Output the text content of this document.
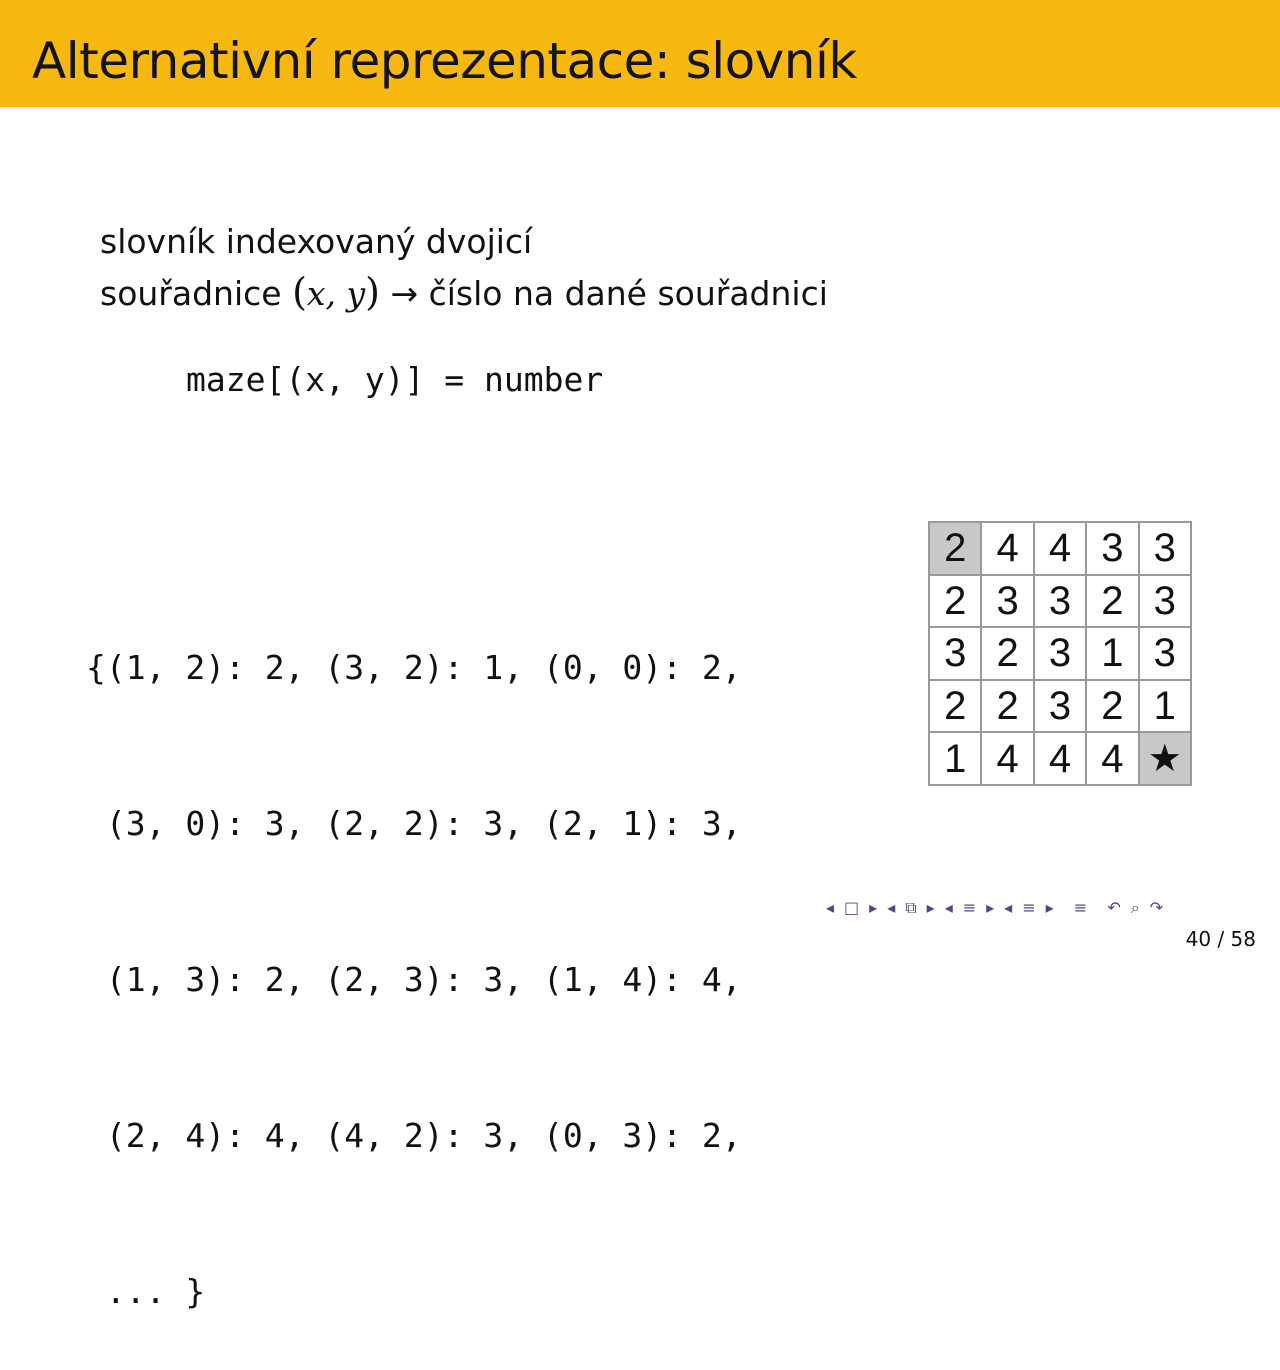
Alternativní reprezentace: slovník
slovník indexovaný dvojicí
souřadnice (x, y) → číslo na dané souřadnici
maze[(x, y)] = number

{(1, 2): 2, (3, 2): 1, (0, 0): 2,

(3, 0): 3, (2, 2): 3, (2, 1): 3,

(1, 3): 2, (2, 3): 3, (1, 4): 4,

(2, 4): 4, (4, 2): 3, (0, 3): 2,

... }

2 4 4 3 3
2 3 3 2 3
3 2 3 1 3
2 2 3 2 1
1 4 4 4 ★
◂ □ ▸ ◂ ⧉ ▸ ◂ ≡ ▸ ◂ ≡ ▸ ≡ ↶ ⌕ ↷
40 / 58
